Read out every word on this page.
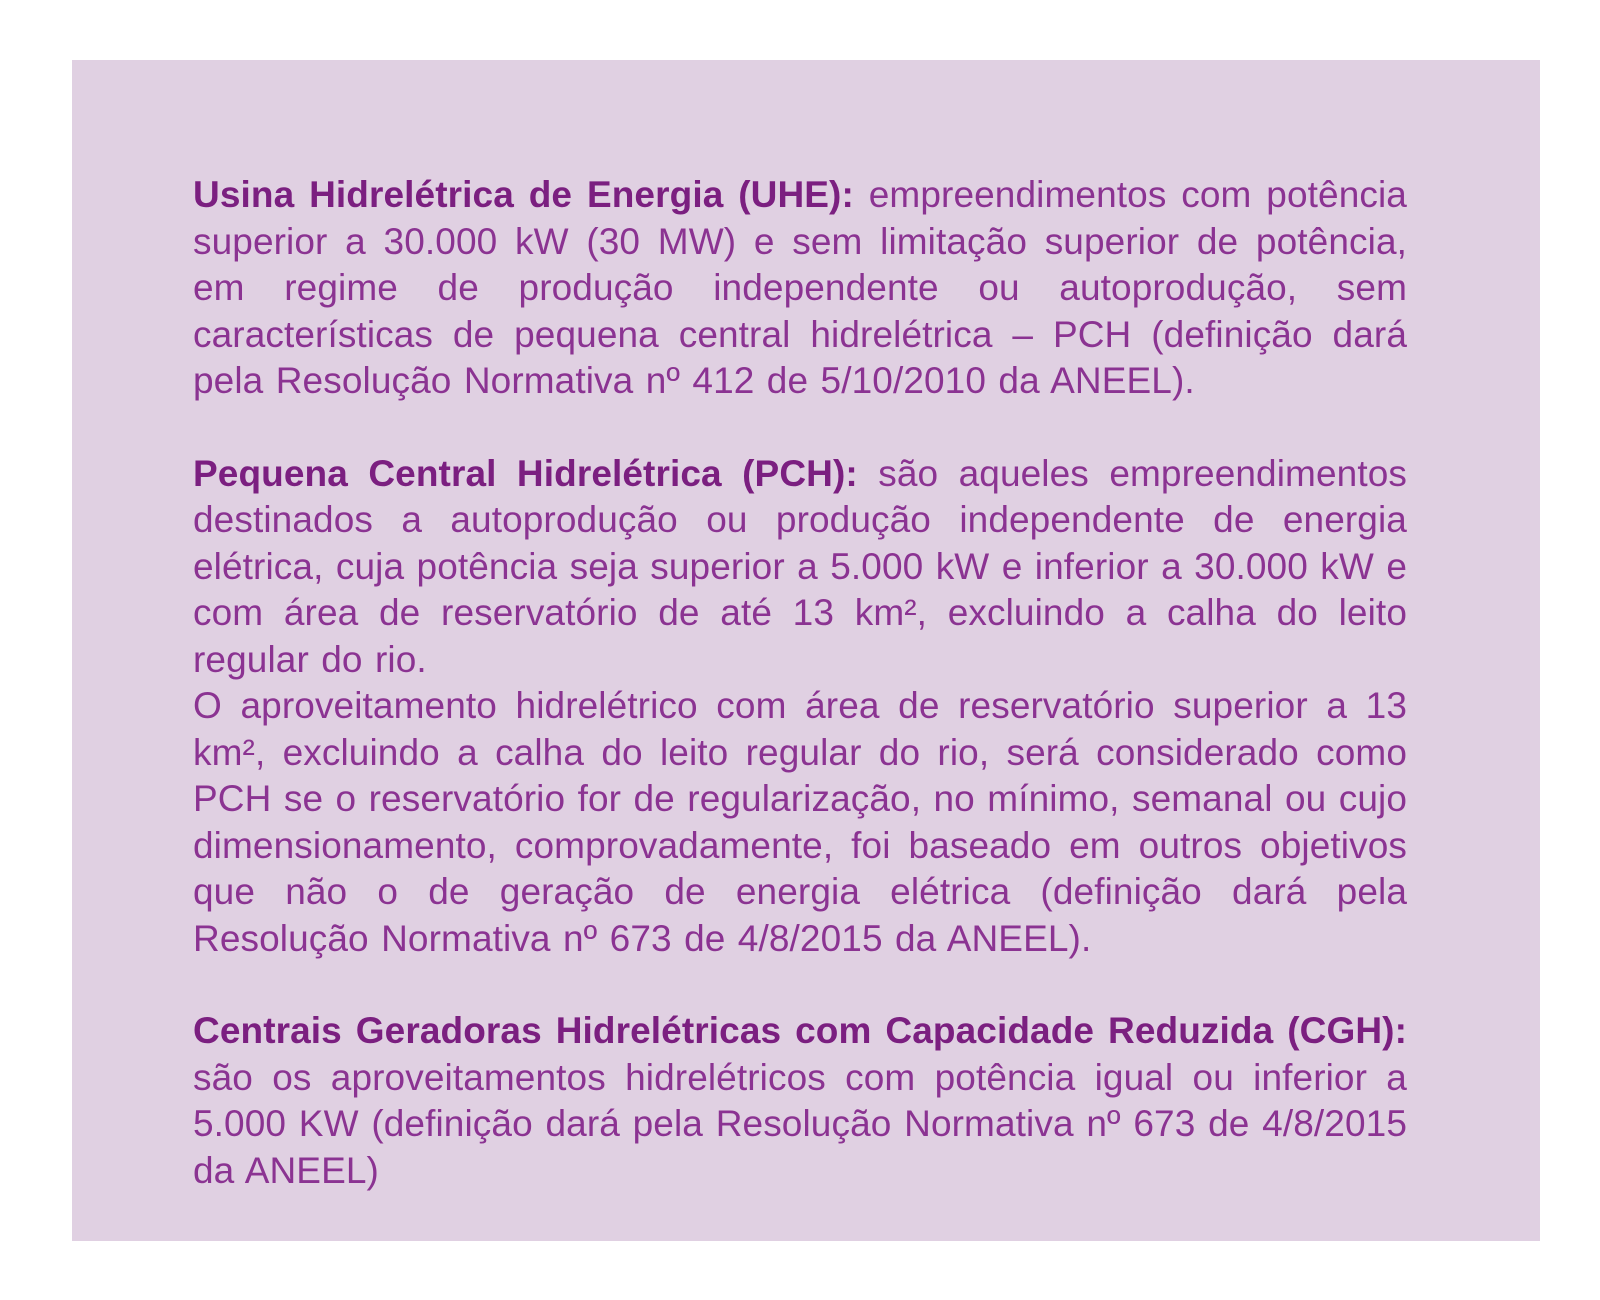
Usina Hidrelétrica de Energia (UHE): empreendimentos com potência superior a 30.000 kW (30 MW) e sem limitação superior de potência, em regime de produção independente ou autoprodução, sem características de pequena central hidrelétrica – PCH (definição dará pela Resolução Normativa nº 412 de 5/10/2010 da ANEEL).

Pequena Central Hidrelétrica (PCH): são aqueles empreendimentos destinados a autoprodução ou produção independente de energia elétrica, cuja potência seja superior a 5.000 kW e inferior a 30.000 kW e com área de reservatório de até 13 km², excluindo a calha do leito regular do rio.
O aproveitamento hidrelétrico com área de reservatório superior a 13 km², excluindo a calha do leito regular do rio, será considerado como PCH se o reservatório for de regularização, no mínimo, semanal ou cujo dimensionamento, comprovadamente, foi baseado em outros objetivos que não o de geração de energia elétrica (definição dará pela Resolução Normativa nº 673 de 4/8/2015 da ANEEL).

Centrais Geradoras Hidrelétricas com Capacidade Reduzida (CGH): são os aproveitamentos hidrelétricos com potência igual ou inferior a 5.000 KW (definição dará pela Resolução Normativa nº 673 de 4/8/2015 da ANEEL)
